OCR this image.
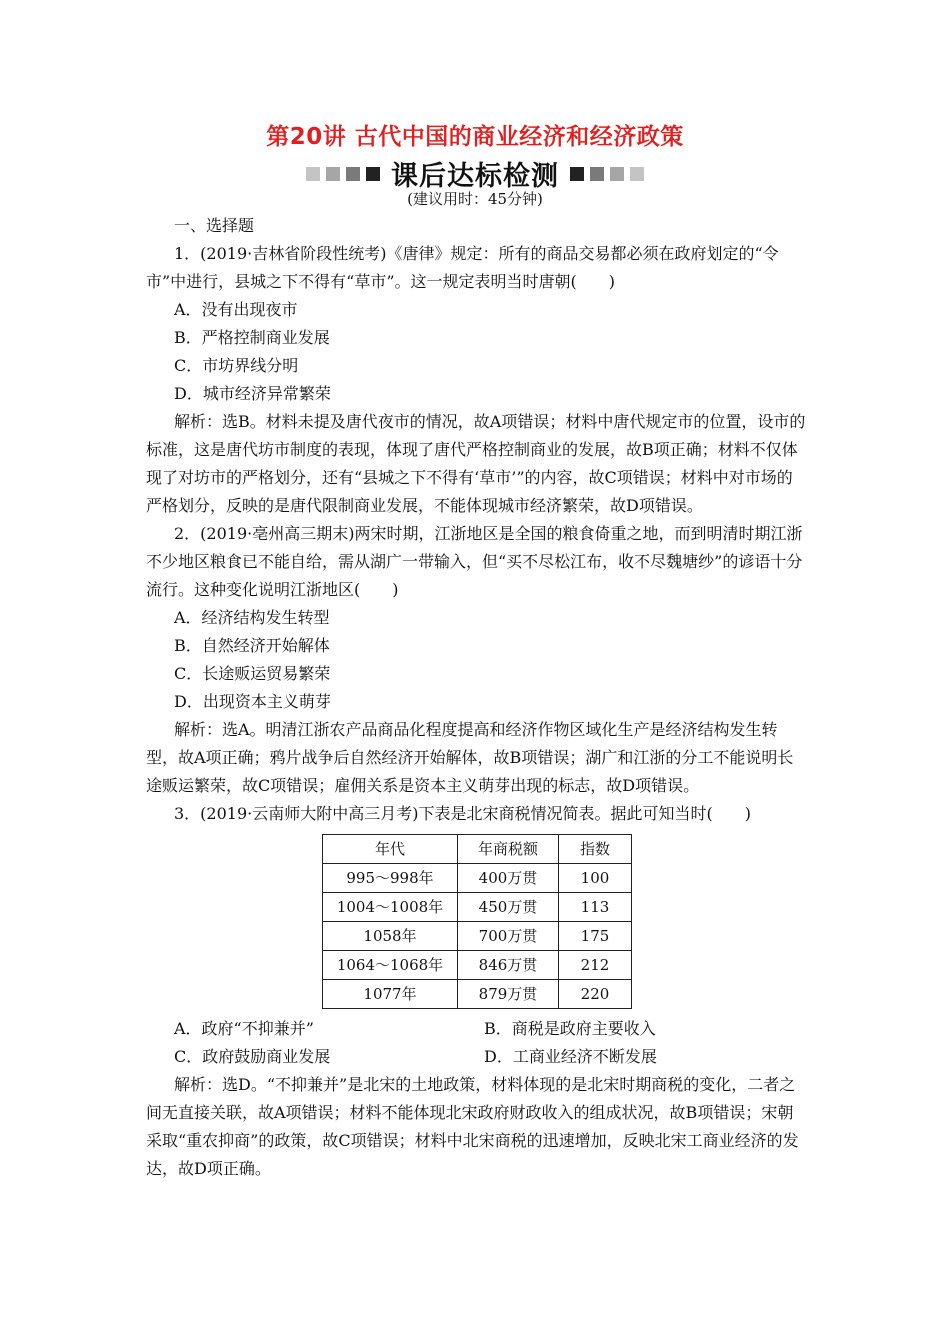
第20讲 古代中国的商业经济和经济政策
课后达标检测
(建议用时：45分钟)

一、选择题

1．(2019·吉林省阶段性统考)《唐律》规定：所有的商品交易都必须在政府划定的“令市”中进行，县城之下不得有“草市”。这一规定表明当时唐朝(　　)

A．没有出现夜市

B．严格控制商业发展

C．市坊界线分明

D．城市经济异常繁荣

解析：选B。材料未提及唐代夜市的情况，故A项错误；材料中唐代规定市的位置，设市的标准，这是唐代坊市制度的表现，体现了唐代严格控制商业的发展，故B项正确；材料不仅体现了对坊市的严格划分，还有“县城之下不得有‘草市’”的内容，故C项错误；材料中对市场的严格划分，反映的是唐代限制商业发展，不能体现城市经济繁荣，故D项错误。

2．(2019·亳州高三期末)两宋时期，江浙地区是全国的粮食倚重之地，而到明清时期江浙不少地区粮食已不能自给，需从湖广一带输入，但“买不尽松江布，收不尽魏塘纱”的谚语十分流行。这种变化说明江浙地区(　　)

A．经济结构发生转型

B．自然经济开始解体

C．长途贩运贸易繁荣

D．出现资本主义萌芽

解析：选A。明清江浙农产品商品化程度提高和经济作物区域化生产是经济结构发生转型，故A项正确；鸦片战争后自然经济开始解体，故B项错误；湖广和江浙的分工不能说明长途贩运繁荣，故C项错误；雇佣关系是资本主义萌芽出现的标志，故D项错误。

3．(2019·云南师大附中高三月考)下表是北宋商税情况简表。据此可知当时(　　)

年代	年商税额	指数
995～998年	400万贯	100
1004～1008年	450万贯	113
1058年	700万贯	175
1064～1068年	846万贯	212
1077年	879万贯	220
A．政府“不抑兼并”	B．商税是政府主要收入
C．政府鼓励商业发展	D．工商业经济不断发展

解析：选D。“不抑兼并”是北宋的土地政策，材料体现的是北宋时期商税的变化，二者之间无直接关联，故A项错误；材料不能体现北宋政府财政收入的组成状况，故B项错误；宋朝采取“重农抑商”的政策，故C项错误；材料中北宋商税的迅速增加，反映北宋工商业经济的发达，故D项正确。
